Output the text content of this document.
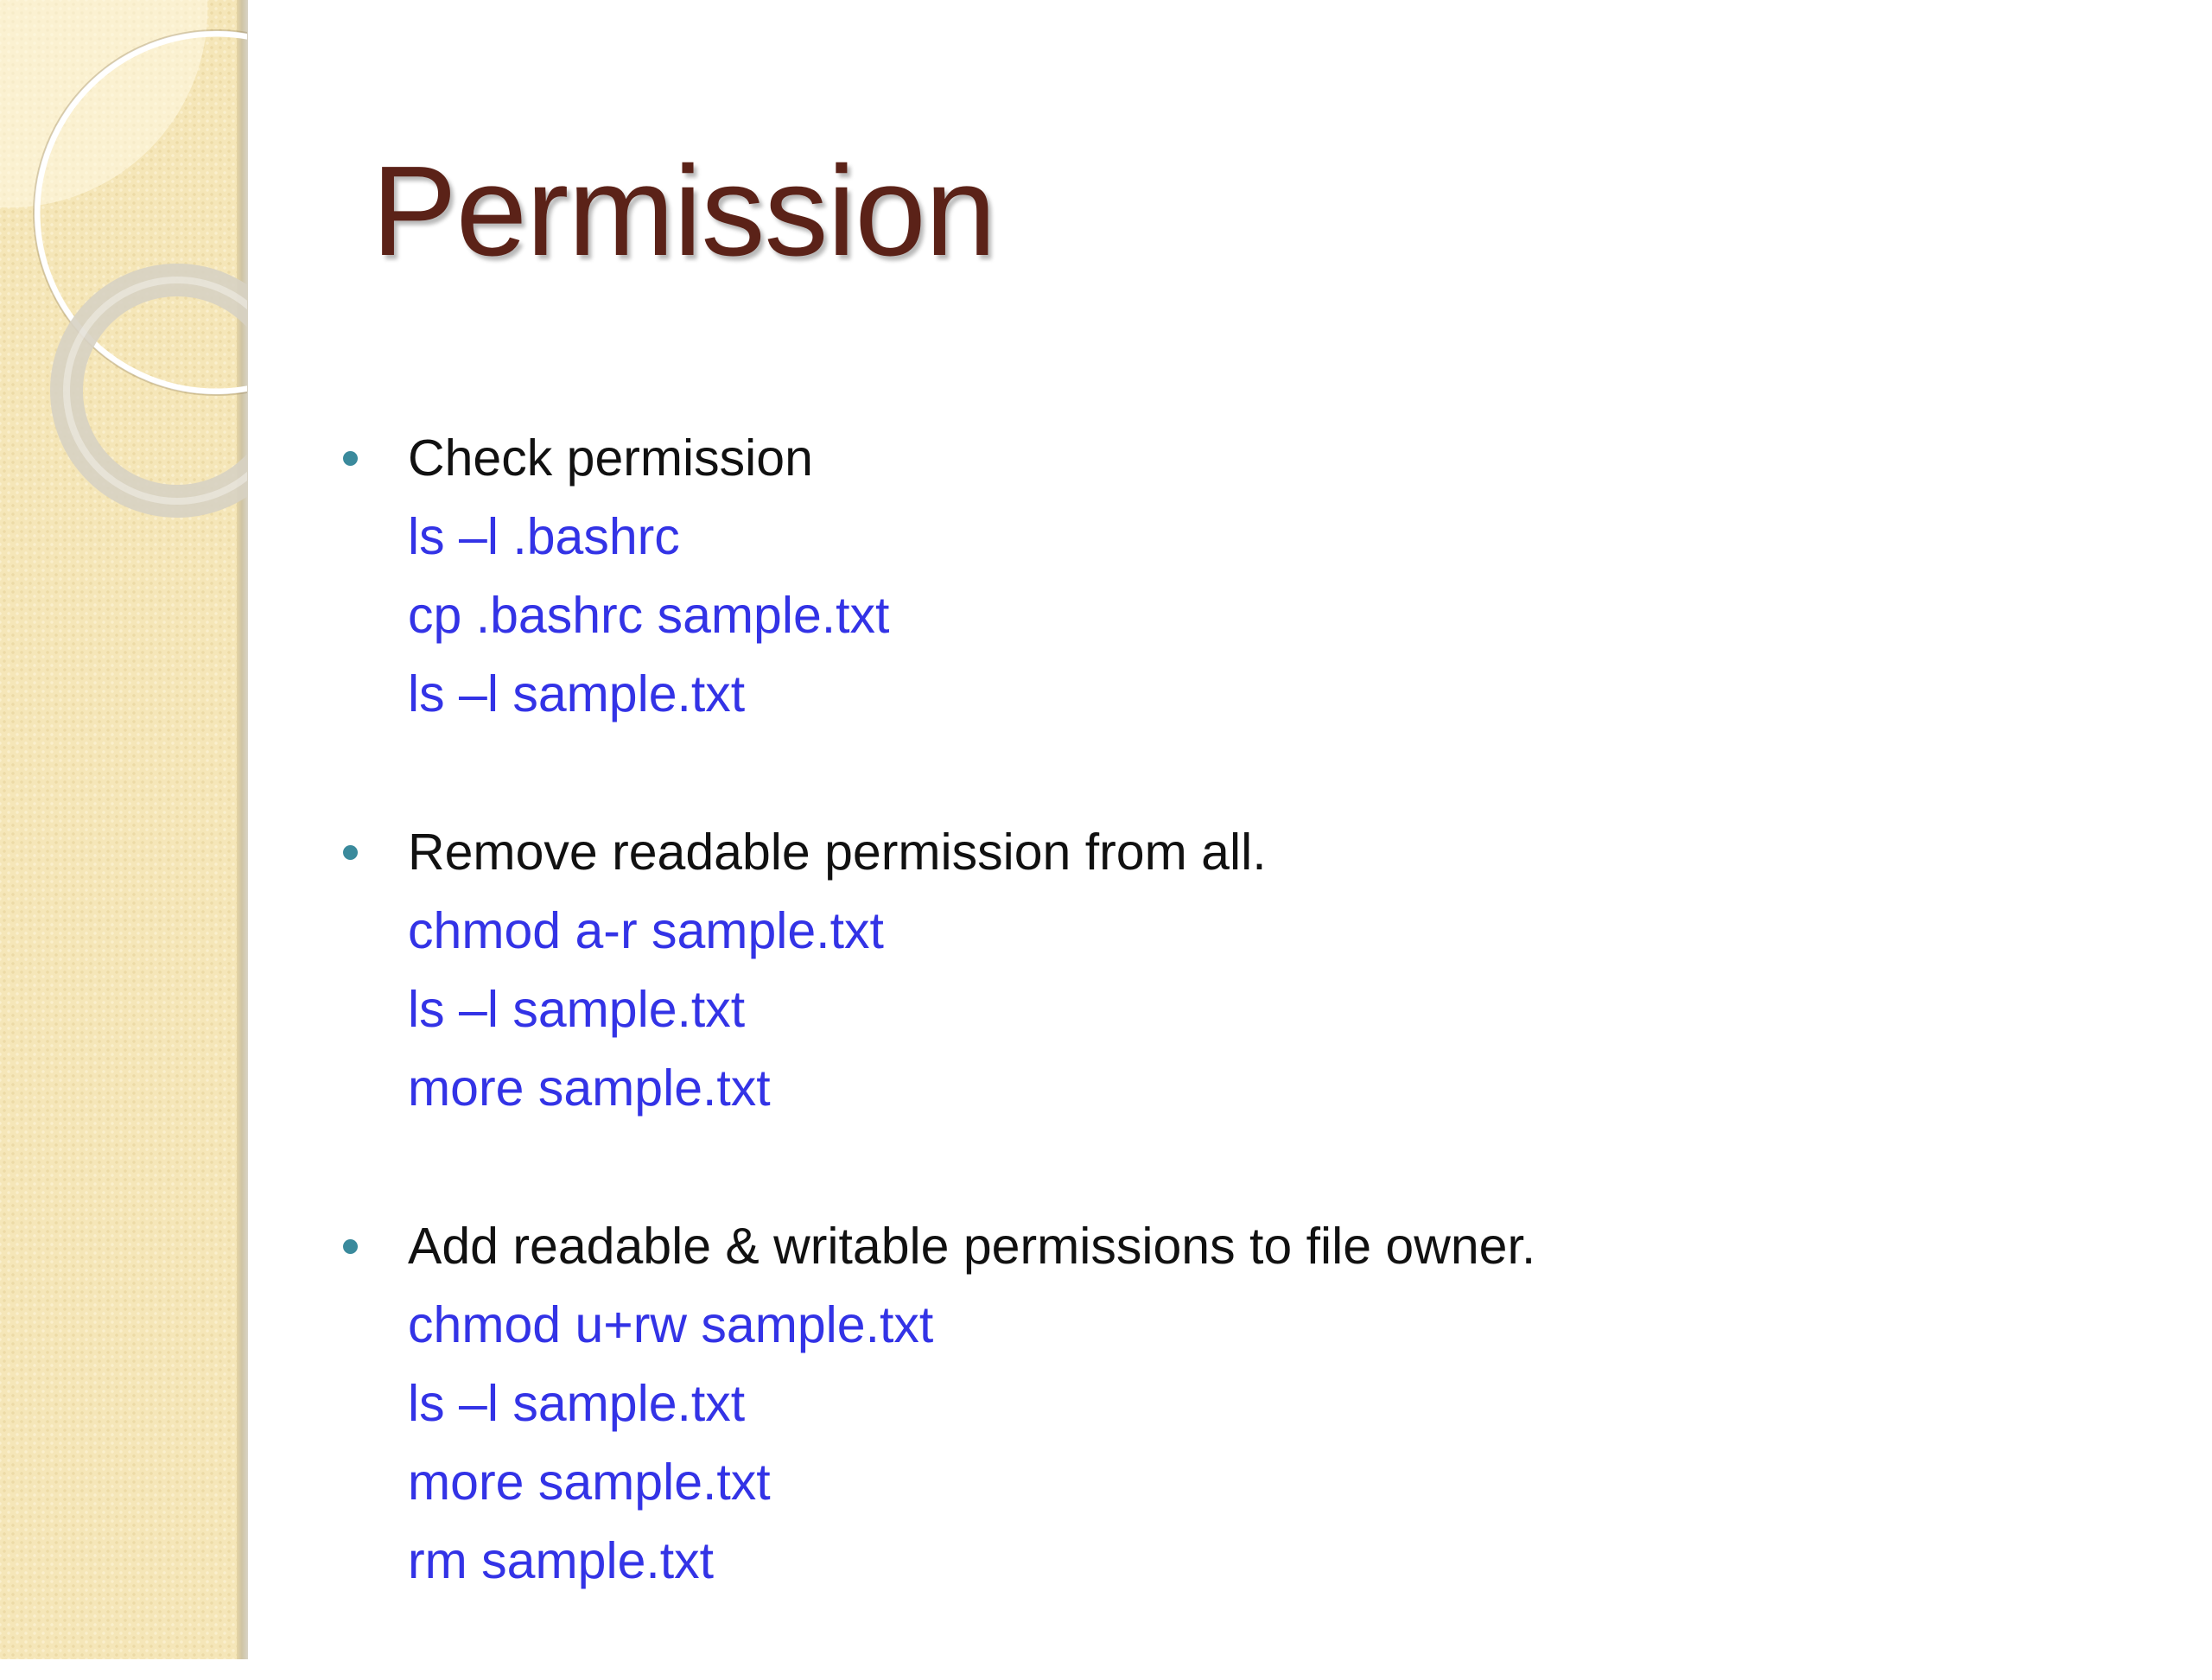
Permission
Check permission
ls –l .bashrc
cp .bashrc sample.txt
ls –l sample.txt
Remove readable permission from all.
chmod a-r sample.txt
ls –l sample.txt
more sample.txt
Add readable & writable permissions to file owner.
chmod u+rw sample.txt
ls –l sample.txt
more sample.txt
rm sample.txt
